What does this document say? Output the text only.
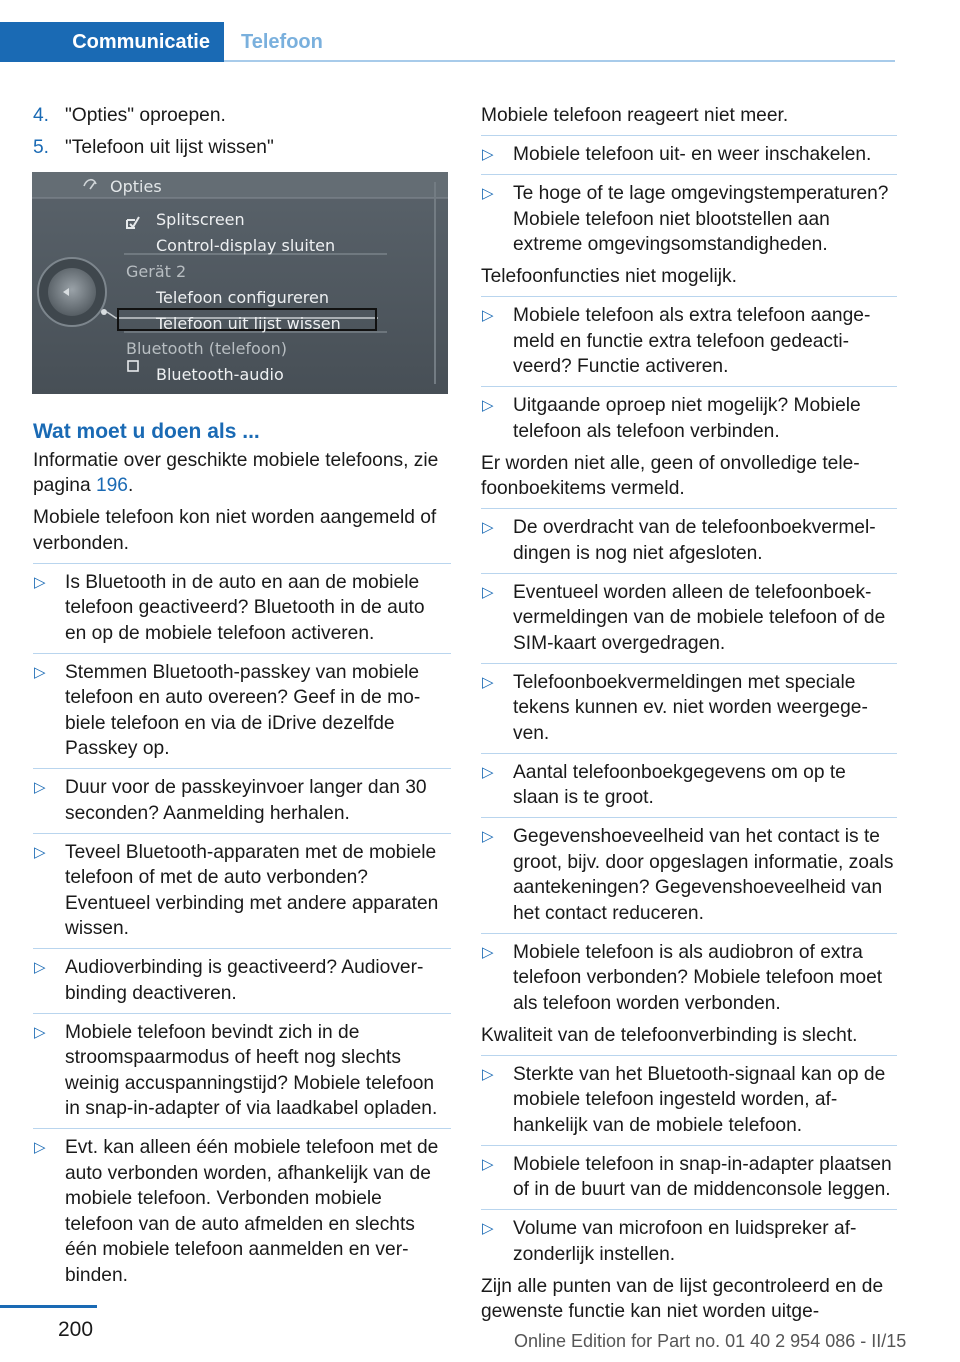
Communicatie	Telefoon
4. "Opties" oproepen.
5. "Telefoon uit lijst wissen"
Opties
Splitscreen
Control-display sluiten
Gerät 2
Telefoon configureren
Telefoon uit lijst wissen
Bluetooth (telefoon)
Bluetooth-audio
Wat moet u doen als ...
Informatie over geschikte mobiele telefoons, zie pagina 196.
Mobiele telefoon kon niet worden aangemeld of verbonden.
▷ Is Bluetooth in de auto en aan de mobiele telefoon geactiveerd? Bluetooth in de auto en op de mobiele telefoon activeren.
▷ Stemmen Bluetooth-passkey van mobiele telefoon en auto overeen? Geef in de mobiele telefoon en via de iDrive dezelfde Passkey op.
▷ Duur voor de passkeyinvoer langer dan 30 seconden? Aanmelding herhalen.
▷ Teveel Bluetooth-apparaten met de mobiele telefoon of met de auto verbonden? Eventueel verbinding met andere apparaten wissen.
▷ Audioverbinding is geactiveerd? Audioverbinding deactiveren.
▷ Mobiele telefoon bevindt zich in de stroomspaarmodus of heeft nog slechts weinig accuspanningstijd? Mobiele telefoon in snap-in-adapter of via laadkabel opladen.
▷ Evt. kan alleen één mobiele telefoon met de auto verbonden worden, afhankelijk van de mobiele telefoon. Verbonden mobiele telefoon van de auto afmelden en slechts één mobiele telefoon aanmelden en verbinden.
Mobiele telefoon reageert niet meer.
▷ Mobiele telefoon uit- en weer inschakelen.
▷ Te hoge of te lage omgevingstemperaturen? Mobiele telefoon niet blootstellen aan extreme omgevingsomstandigheden.
Telefoonfuncties niet mogelijk.
▷ Mobiele telefoon als extra telefoon aangemeld en functie extra telefoon gedeactiveerd? Functie activeren.
▷ Uitgaande oproep niet mogelijk? Mobiele telefoon als telefoon verbinden.
Er worden niet alle, geen of onvolledige telefoonboekitems vermeld.
▷ De overdracht van de telefoonboekvermeldingen is nog niet afgesloten.
▷ Eventueel worden alleen de telefoonboekvermeldingen van de mobiele telefoon of de SIM-kaart overgedragen.
▷ Telefoonboekvermeldingen met speciale tekens kunnen ev. niet worden weergegeven.
▷ Aantal telefoonboekgegevens om op te slaan is te groot.
▷ Gegevenshoeveelheid van het contact is te groot, bijv. door opgeslagen informatie, zoals aantekeningen? Gegevenshoeveelheid van het contact reduceren.
▷ Mobiele telefoon is als audiobron of extra telefoon verbonden? Mobiele telefoon moet als telefoon worden verbonden.
Kwaliteit van de telefoonverbinding is slecht.
▷ Sterkte van het Bluetooth-signaal kan op de mobiele telefoon ingesteld worden, afhankelijk van de mobiele telefoon.
▷ Mobiele telefoon in snap-in-adapter plaatsen of in de buurt van de middenconsole leggen.
▷ Volume van microfoon en luidspreker afzonderlijk instellen.
Zijn alle punten van de lijst gecontroleerd en de gewenste functie kan niet worden uitge-
200	Online Edition for Part no. 01 40 2 954 086 - II/15
